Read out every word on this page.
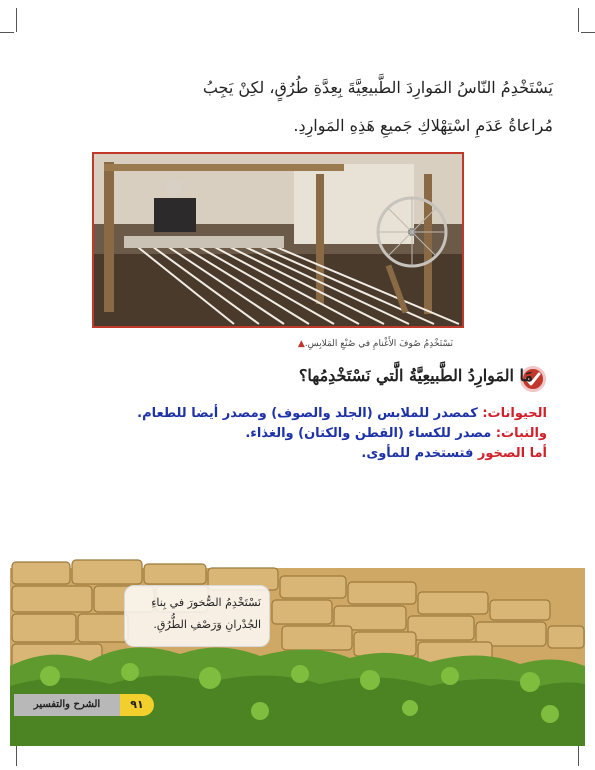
يَسْتَخْدِمُ النّاسُ المَوارِدَ الطَّبيعِيَّةَ بِعِدَّةِ طُرُقٍ، لكِنْ يَجِبُ
مُراعاةُ عَدَمِ اسْتِهْلاكِ جَميعِ هَذِهِ المَوارِدِ.
نَسْتَخْدِمُ صُوفَ الأَغْنامِ في صُنْعِ المَلابِسِ.▲
مَا المَوارِدُ الطَّبيعِيَّةُ الَّتي نَسْتَخْدِمُها؟
الحيوانات: كمصدر للملابس (الجلد والصوف) ومصدر أيضا للطعام.
والنبات: مصدر للكساء (القطن والكتان) والغذاء.
أما الصخور فتستخدم للمأوى.
نَسْتَخْدِمُ الصُّخورَ في بِناءِ
الجُدْرانِ وَرَصْفِ الطُّرُقِ.
الشرح والتفسير	٩١
